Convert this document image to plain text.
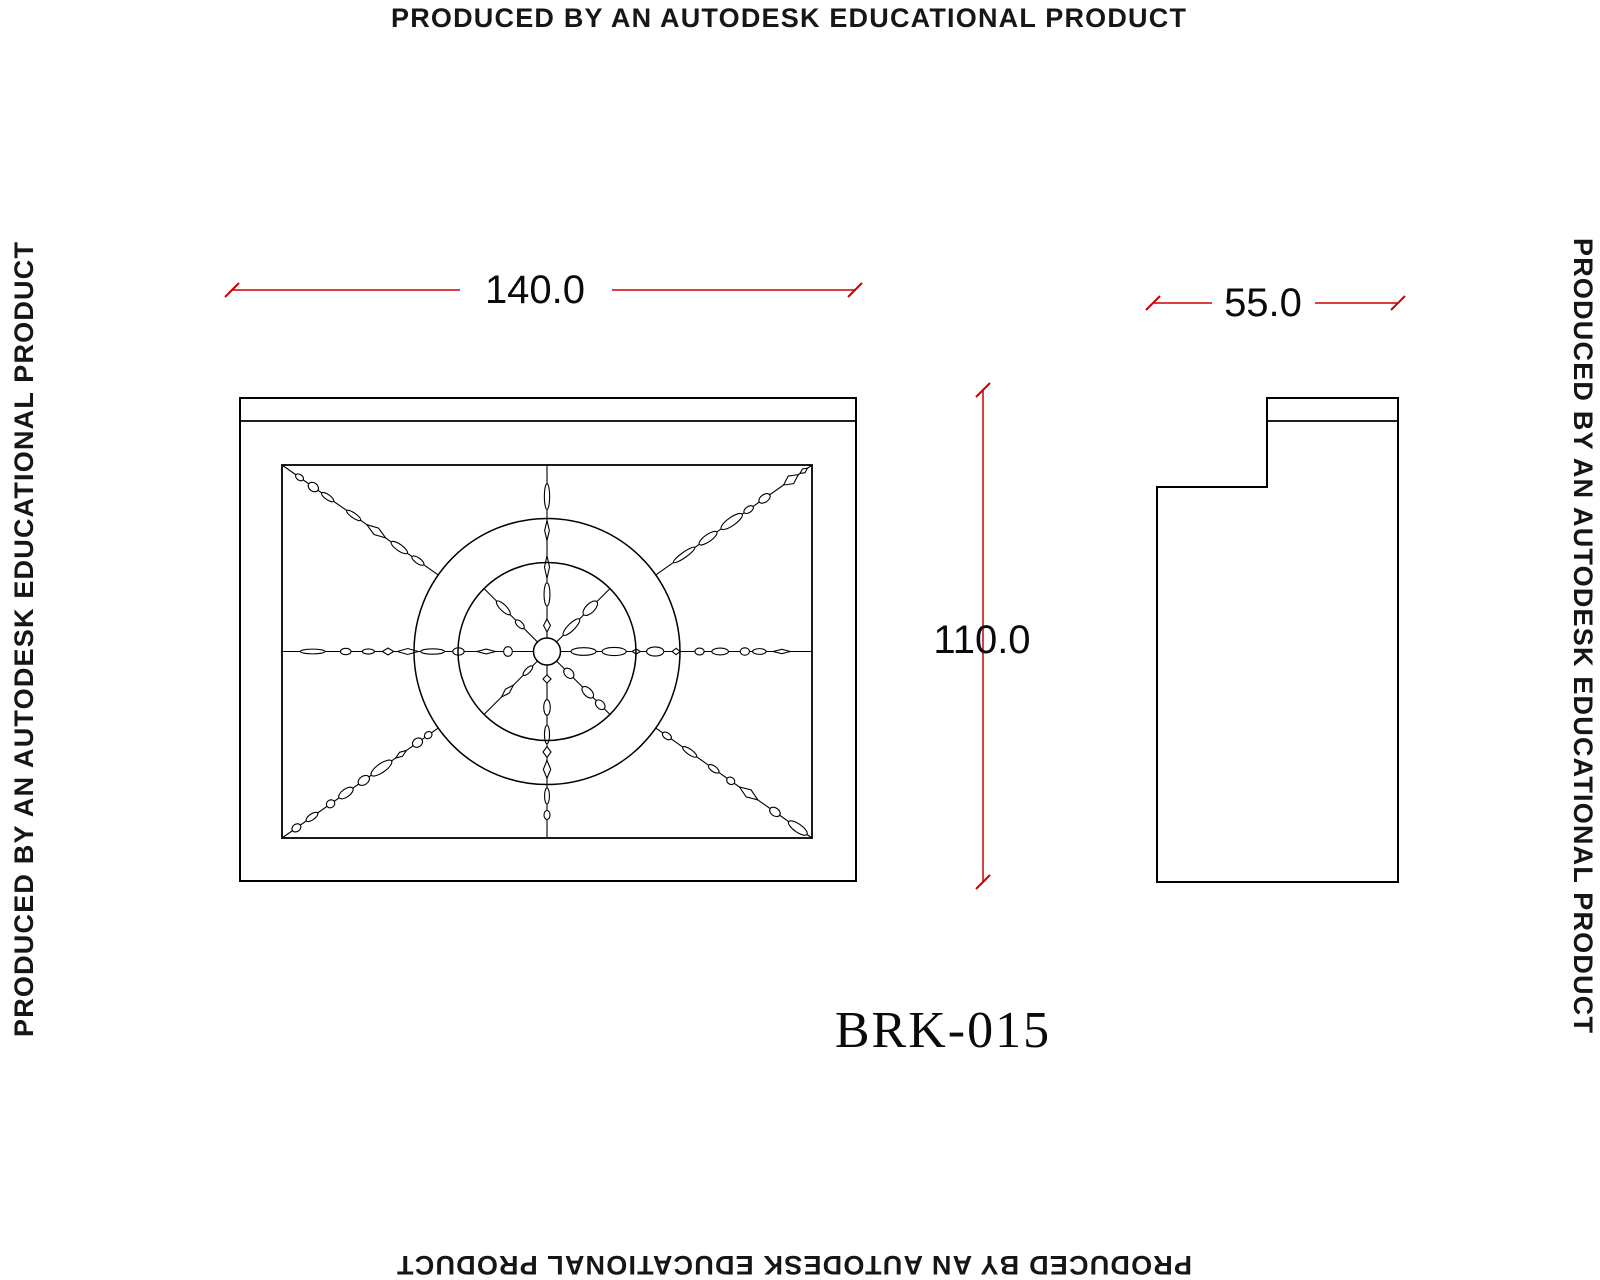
PRODUCED BY AN AUTODESK EDUCATIONAL PRODUCT
PRODUCED BY AN AUTODESK EDUCATIONAL PRODUCT
PRODUCED BY AN AUTODESK EDUCATIONAL PRODUCT	PRODUCED BY AN AUTODESK EDUCATIONAL PRODUCT
140.0	55.0
110.0
BRK-015
